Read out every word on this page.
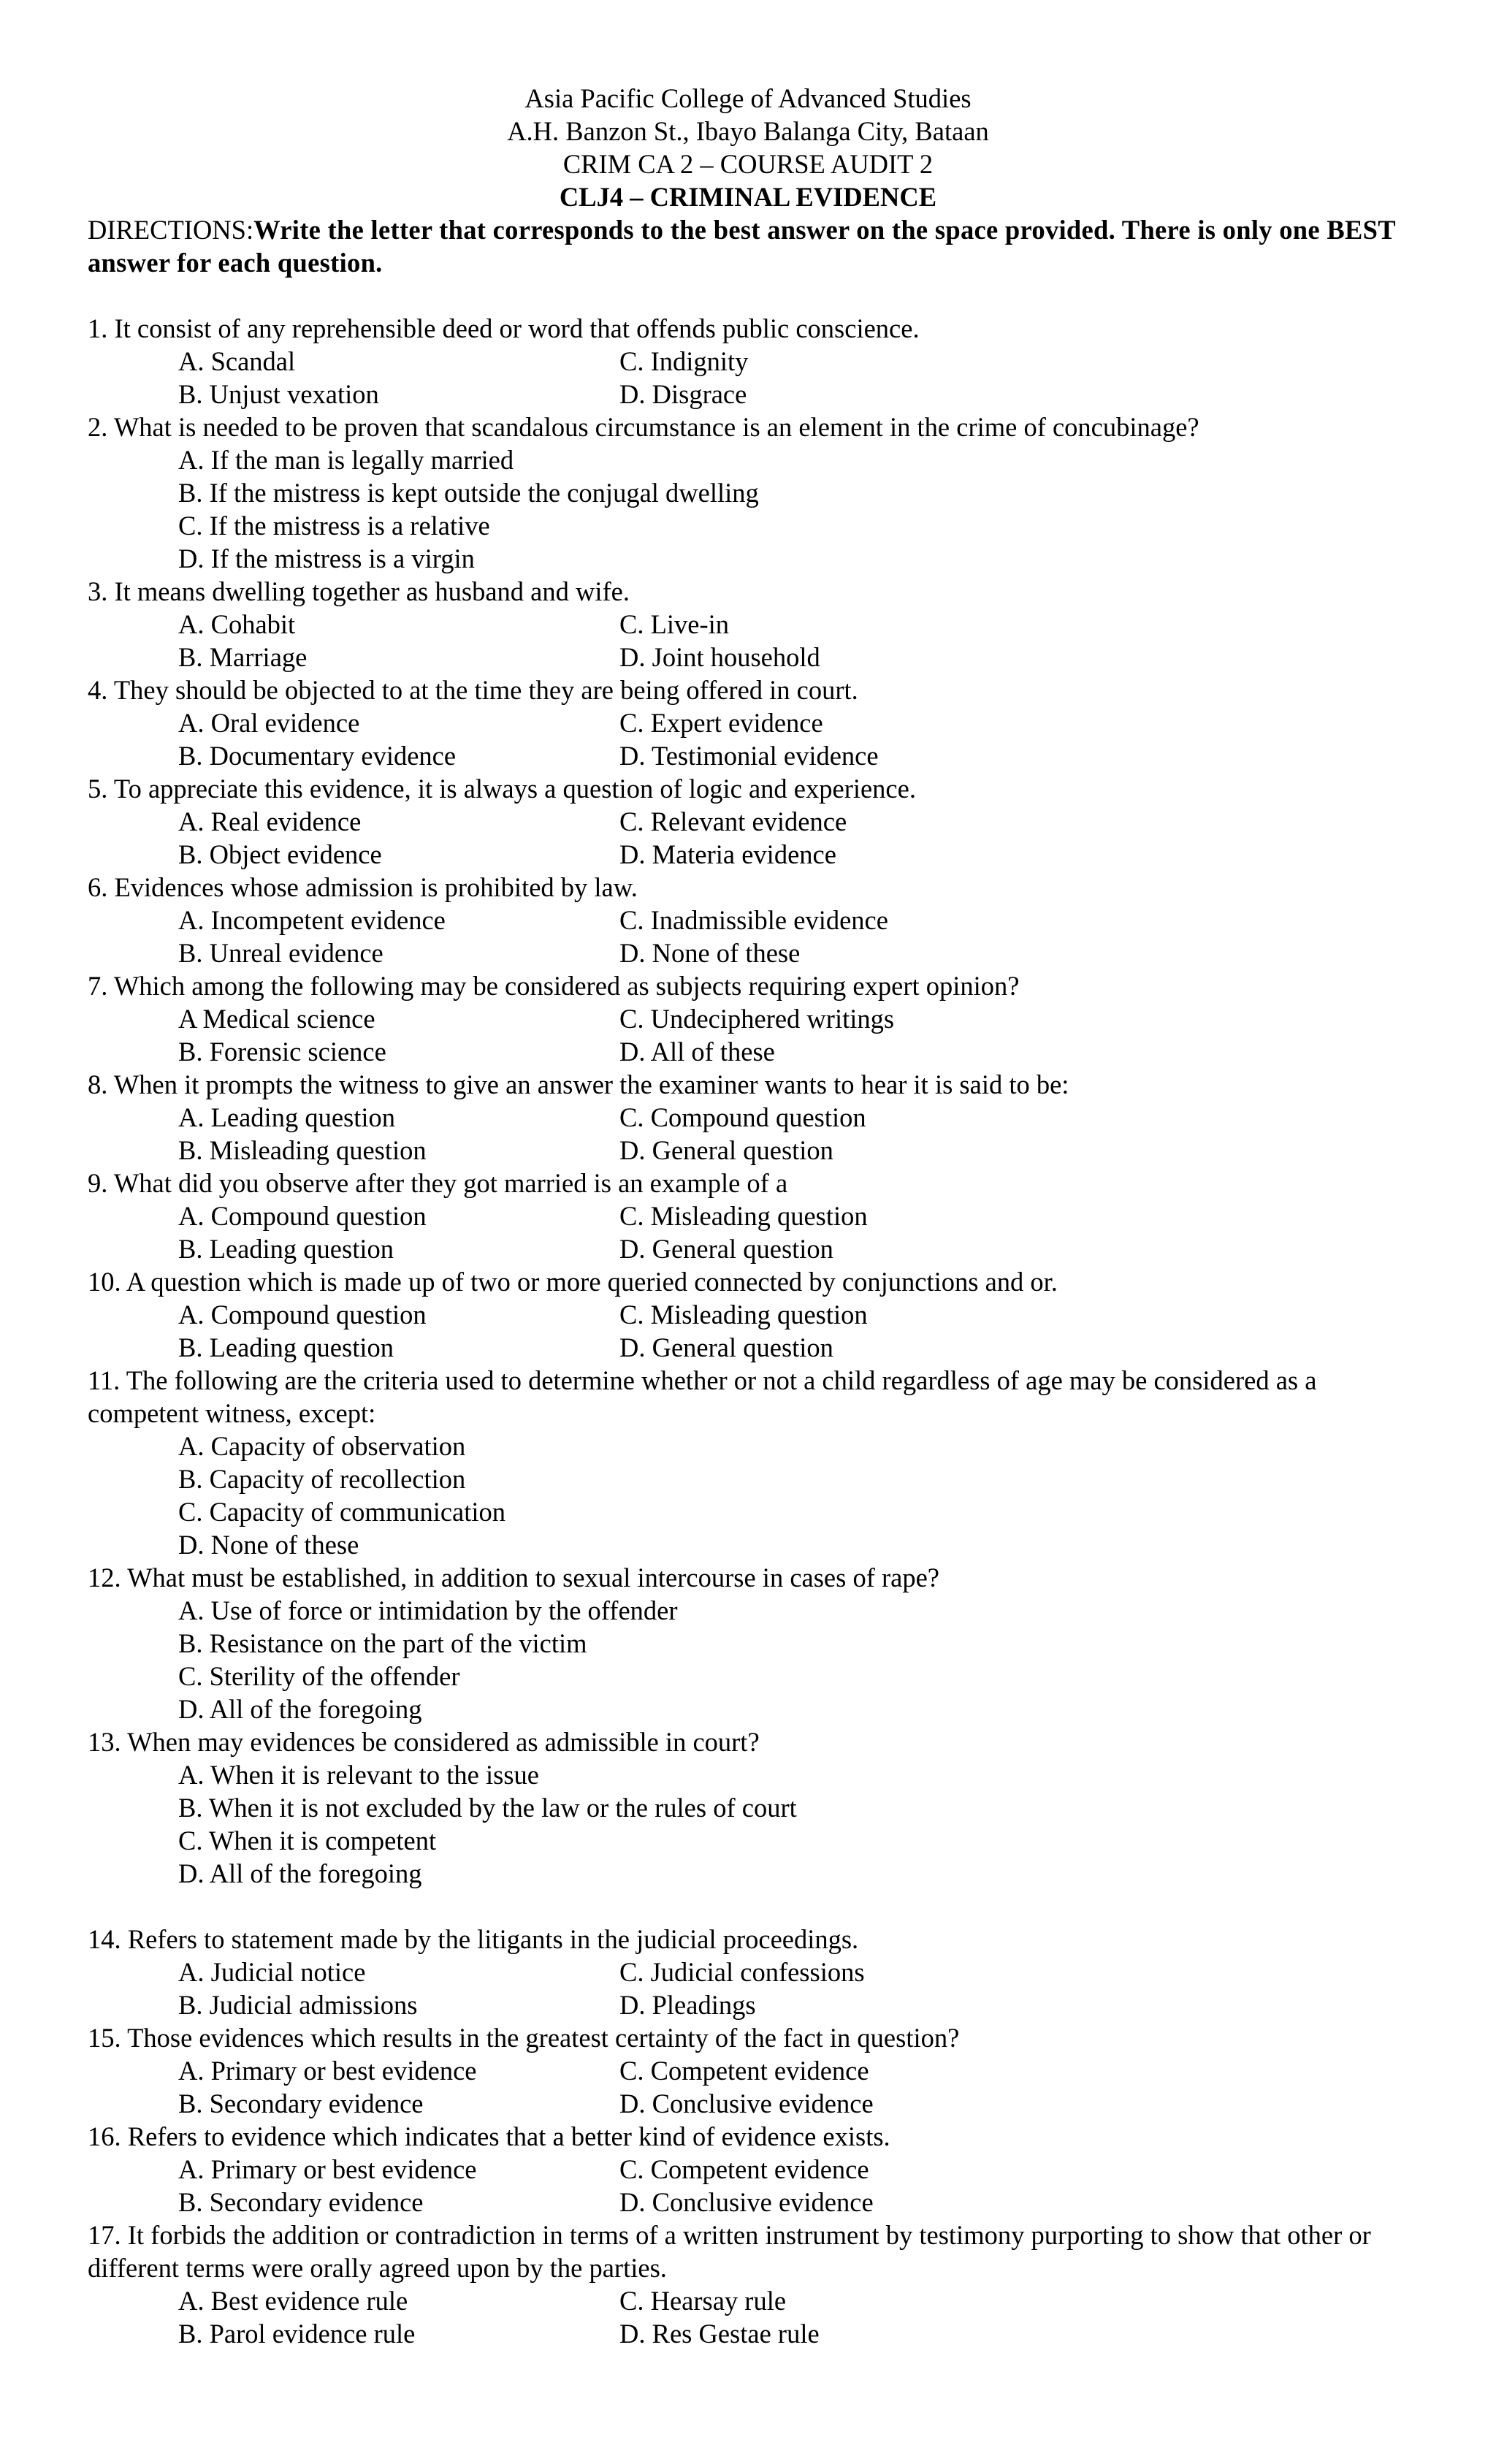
Asia Pacific College of Advanced Studies
A.H. Banzon St., Ibayo Balanga City, Bataan
CRIM CA 2 – COURSE AUDIT 2
CLJ4 – CRIMINAL EVIDENCE
DIRECTIONS:Write the letter that corresponds to the best answer on the space provided. There is only one BEST answer for each question.
1. It consist of any reprehensible deed or word that offends public conscience.
A. Scandal	C. Indignity
B. Unjust vexation	D. Disgrace
2. What is needed to be proven that scandalous circumstance is an element in the crime of concubinage?
A. If the man is legally married
B. If the mistress is kept outside the conjugal dwelling
C. If the mistress is a relative
D. If the mistress is a virgin
3. It means dwelling together as husband and wife.
A. Cohabit	C. Live-in
B. Marriage	D. Joint household
4. They should be objected to at the time they are being offered in court.
A. Oral evidence	C. Expert evidence
B. Documentary evidence	D. Testimonial evidence
5. To appreciate this evidence, it is always a question of logic and experience.
A. Real evidence	C. Relevant evidence
B. Object evidence	D. Materia evidence
6. Evidences whose admission is prohibited by law.
A. Incompetent evidence	C. Inadmissible evidence
B. Unreal evidence	D. None of these
7. Which among the following may be considered as subjects requiring expert opinion?
A Medical science	C. Undeciphered writings
B. Forensic science	D. All of these
8. When it prompts the witness to give an answer the examiner wants to hear it is said to be:
A. Leading question	C. Compound question
B. Misleading question	D. General question
9. What did you observe after they got married is an example of a
A. Compound question	C. Misleading question
B. Leading question	D. General question
10. A question which is made up of two or more queried connected by conjunctions and or.
A. Compound question	C. Misleading question
B. Leading question	D. General question
11. The following are the criteria used to determine whether or not a child regardless of age may be considered as a competent witness, except:
A. Capacity of observation
B. Capacity of recollection
C. Capacity of communication
D. None of these
12. What must be established, in addition to sexual intercourse in cases of rape?
A. Use of force or intimidation by the offender
B. Resistance on the part of the victim
C. Sterility of the offender
D. All of the foregoing
13. When may evidences be considered as admissible in court?
A. When it is relevant to the issue
B. When it is not excluded by the law or the rules of court
C. When it is competent
D. All of the foregoing
14. Refers to statement made by the litigants in the judicial proceedings.
A. Judicial notice	C. Judicial confessions
B. Judicial admissions	D. Pleadings
15. Those evidences which results in the greatest certainty of the fact in question?
A. Primary or best evidence	C. Competent evidence
B. Secondary evidence	D. Conclusive evidence
16. Refers to evidence which indicates that a better kind of evidence exists.
A. Primary or best evidence	C. Competent evidence
B. Secondary evidence	D. Conclusive evidence
17. It forbids the addition or contradiction in terms of a written instrument by testimony purporting to show that other or different terms were orally agreed upon by the parties.
A. Best evidence rule	C. Hearsay rule
B. Parol evidence rule	D. Res Gestae rule
